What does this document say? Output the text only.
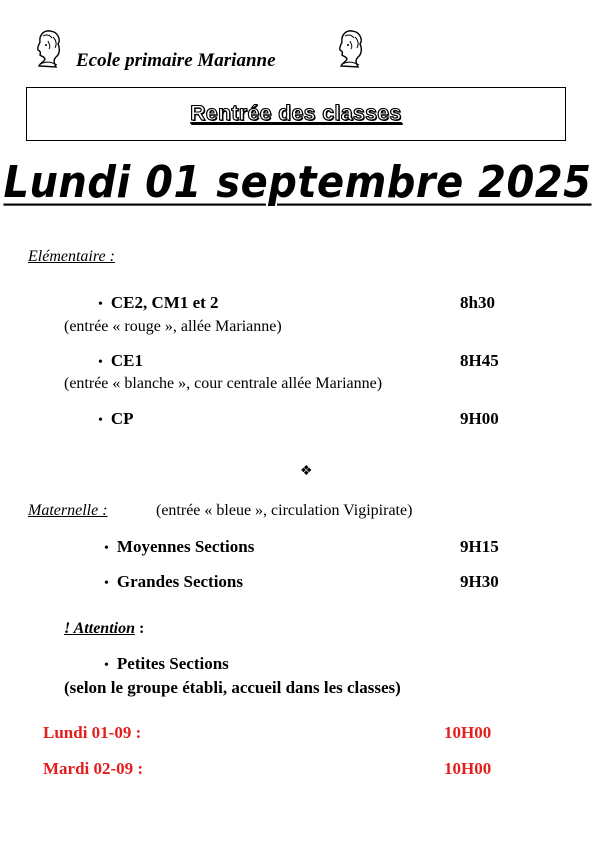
Ecole primaire Marianne
Rentrée des classes
Lundi 01 septembre 2025
Elémentaire :
• CE2, CM1 et 2	8h30
(entrée « rouge », allée Marianne)
• CE1	8H45
(entrée « blanche », cour centrale allée Marianne)
• CP	9H00
❖
Maternelle :	(entrée « bleue », circulation Vigipirate)
• Moyennes Sections	9H15
• Grandes Sections	9H30
! Attention :
• Petites Sections
(selon le groupe établi, accueil dans les classes)
Lundi 01-09 :	10H00
Mardi 02-09 :	10H00
